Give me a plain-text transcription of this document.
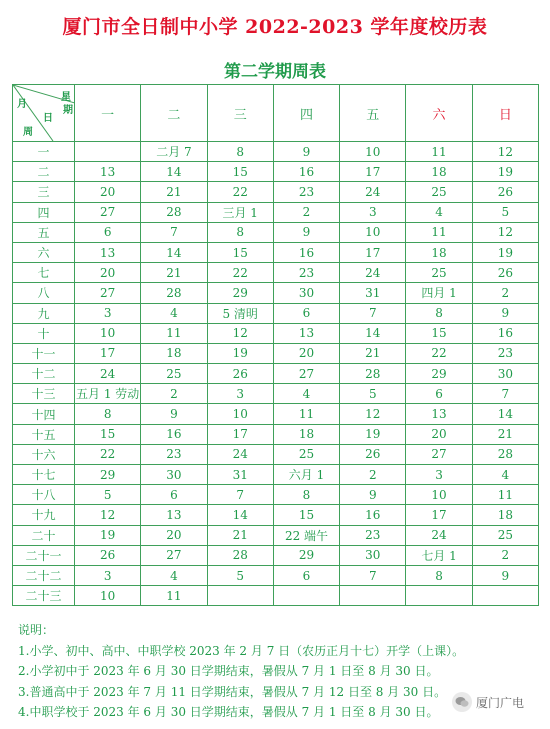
厦门市全日制中小学 2022-2023 学年度校历表
第二学期周表
月
星
期
日
周	一	二	三	四	五	六	日
一		二月 7	8	9	10	11	12
二	13	14	15	16	17	18	19
三	20	21	22	23	24	25	26
四	27	28	三月 1	2	3	4	5
五	6	7	8	9	10	11	12
六	13	14	15	16	17	18	19
七	20	21	22	23	24	25	26
八	27	28	29	30	31	四月 1	2
九	3	4	5 清明	6	7	8	9
十	10	11	12	13	14	15	16
十一	17	18	19	20	21	22	23
十二	24	25	26	27	28	29	30
十三	五月 1 劳动	2	3	4	5	6	7
十四	8	9	10	11	12	13	14
十五	15	16	17	18	19	20	21
十六	22	23	24	25	26	27	28
十七	29	30	31	六月 1	2	3	4
十八	5	6	7	8	9	10	11
十九	12	13	14	15	16	17	18
二十	19	20	21	22 端午	23	24	25
二十一	26	27	28	29	30	七月 1	2
二十二	3	4	5	6	7	8	9
二十三	10	11					
说明：
1.小学、初中、高中、中职学校 2023 年 2 月 7 日（农历正月十七）开学（上课）。
2.小学初中于 2023 年 6 月 30 日学期结束，暑假从 7 月 1 日至 8 月 30 日。
3.普通高中于 2023 年 7 月 11 日学期结束，暑假从 7 月 12 日至 8 月 30 日。
4.中职学校于 2023 年 6 月 30 日学期结束，暑假从 7 月 1 日至 8 月 30 日。
厦门广电
